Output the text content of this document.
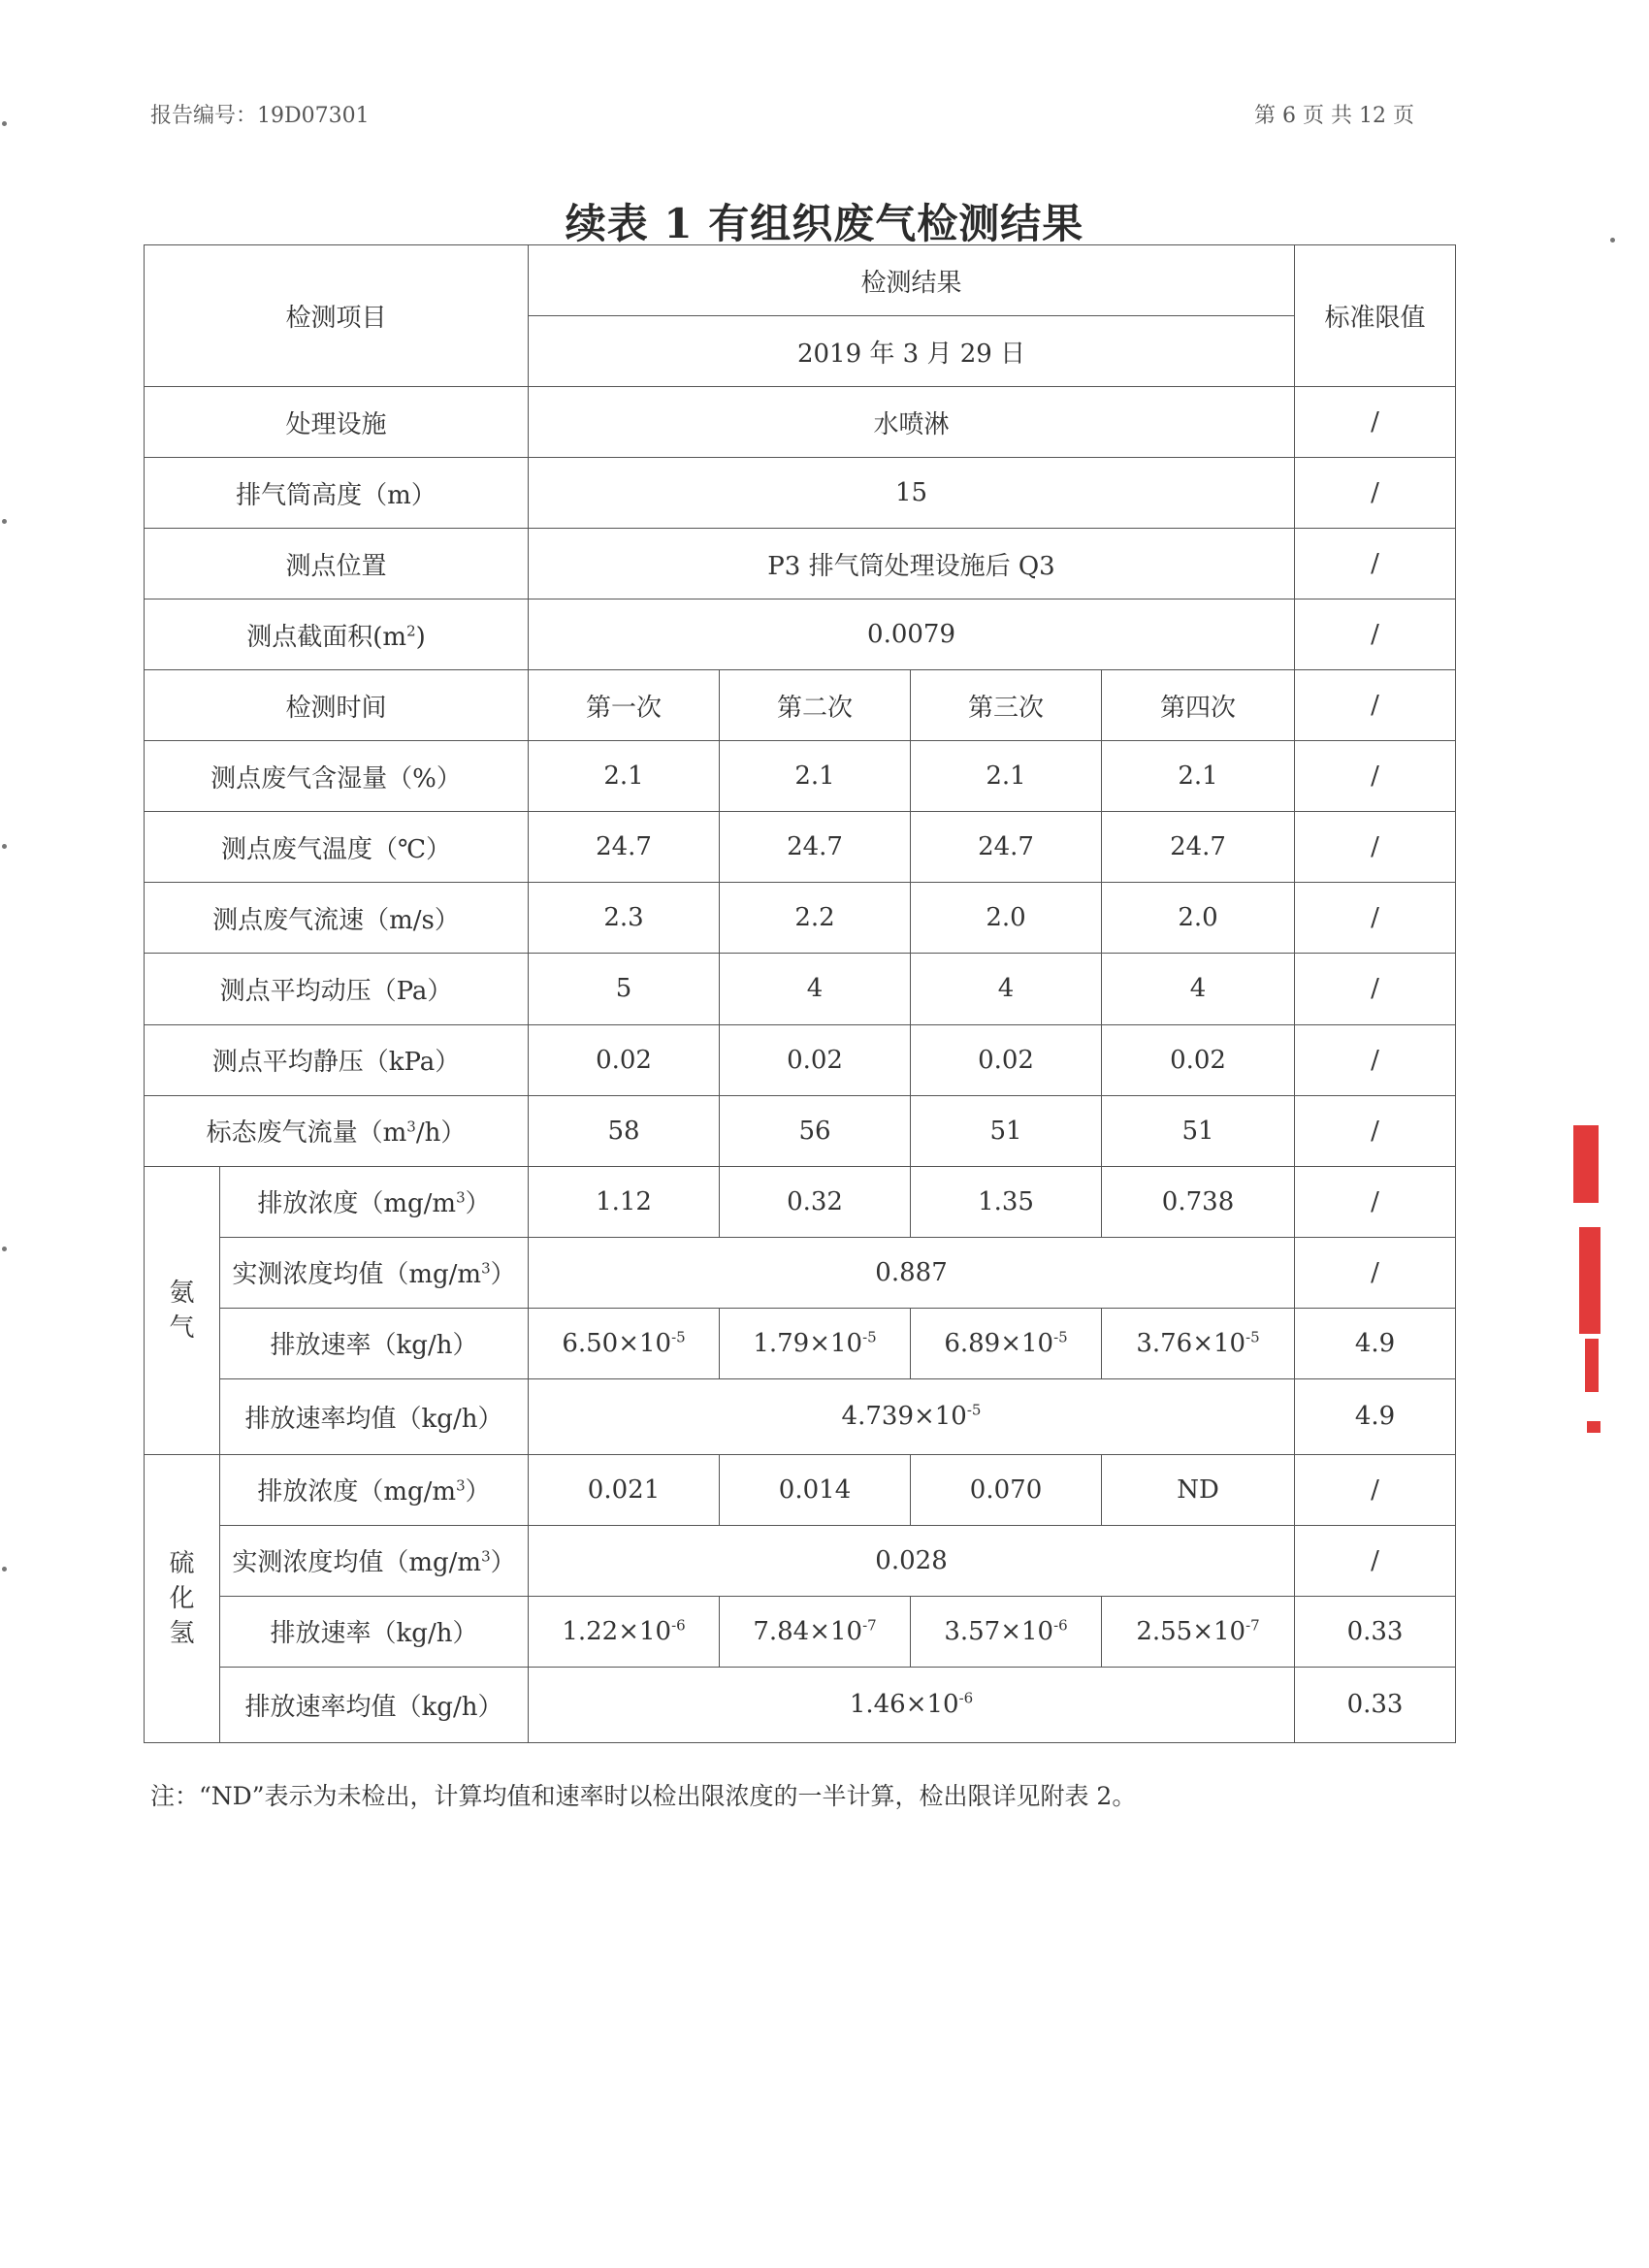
报告编号：19D07301	第 6 页 共 12 页
续表 1 有组织废气检测结果
检测项目		检测结果				标准限值
		2019 年 3 月 29 日				
处理设施		水喷淋				/
排气筒高度（m）		15				/
测点位置		P3 排气筒处理设施后 Q3				/
测点截面积$(m^2)$		0.0079				/
检测时间		第一次	第二次	第三次	第四次	/
测点废气含湿量（%）		2.1	2.1	2.1	2.1	/
测点废气温度（℃）		24.7	24.7	24.7	24.7	/
测点废气流速（m/s）		2.3	2.2	2.0	2.0	/
测点平均动压（Pa）		5	4	4	4	/
测点平均静压（kPa）		0.02	0.02	0.02	0.02	/
标态废气流量$(m^3/h)$		58	56	51	51	/

氨
气	排放浓度$(mg/m^3)$	1.12	0.32	1.35	0.738	/
	实测浓度均值$(mg/m^3)$	0.887				/
	排放速率（kg/h）	$6.50\times 10^{-5}$	$1.79\times 10^{-5}$	$6.89\times 10^{-5}$	$3.76\times 10^{-5}$	4.9
	排放速率均值（kg/h）	$4.739\times 10^{-5}$				4.9

硫
化
氢	排放浓度$(mg/m^3)$	0.021	0.014	0.070	ND	/
	实测浓度均值$(mg/m^3)$	0.028				/
	排放速率（kg/h）	$1.22\times 10^{-6}$	$7.84\times 10^{-7}$	$3.57\times 10^{-6}$	$2.55\times 10^{-7}$	0.33
	排放速率均值（kg/h）	$1.46\times 10^{-6}$				0.33
注：“ND”表示为未检出，计算均值和速率时以检出限浓度的一半计算，检出限详见附表 2。
